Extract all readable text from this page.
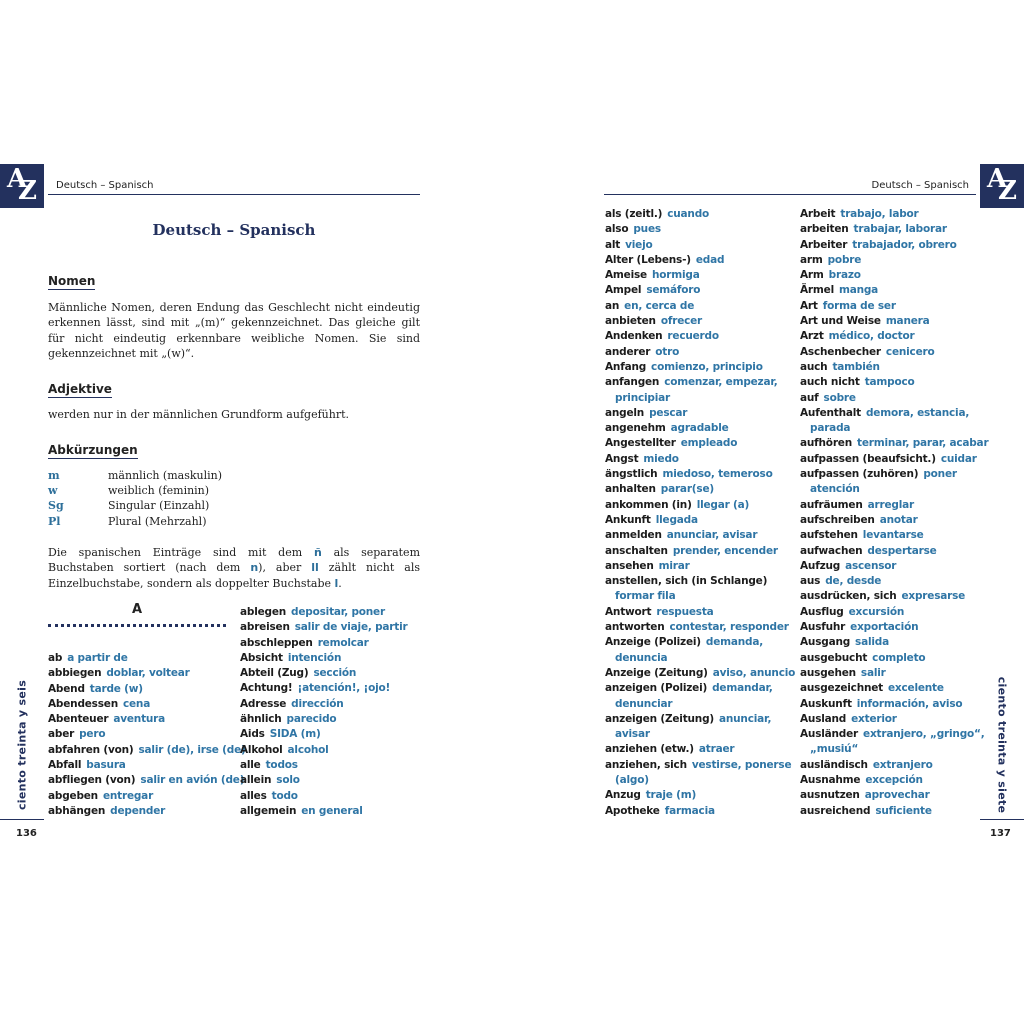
A
Z Deutsch – Spanisch
Deutsch – Spanisch
Nomen
Männliche Nomen, deren Endung das Geschlecht nicht eindeutig erkennen lässt, sind mit „(m)“ gekennzeichnet. Das gleiche gilt für nicht eindeutig erkennbare weibliche Nomen. Sie sind gekennzeichnet mit „(w)“.
Adjektive
werden nur in der männlichen Grundform aufgeführt.
Abkürzungen
m	männlich (maskulin)
w	weiblich (feminin)
Sg	Singular (Einzahl)
Pl	Plural (Mehrzahl)
Die spanischen Einträge sind mit dem ñ als separatem Buchstaben sortiert (nach dem n), aber ll zählt nicht als Einzelbuchstabe, sondern als doppelter Buchstabe l.
A
ab a partir de
abbiegen doblar, voltear
Abend tarde (w)
Abendessen cena
Abenteuer aventura
aber pero
abfahren (von) salir (de), irse (de)
Abfall basura
abfliegen (von) salir en avión (de)
abgeben entregar
abhängen depender
ablegen depositar, poner
abreisen salir de viaje, partir
abschleppen remolcar
Absicht intención
Abteil (Zug) sección
Achtung! ¡atención!, ¡ojo!
Adresse dirección
ähnlich parecido
Aids SIDA (m)
Alkohol alcohol
alle todos
allein solo
alles todo
allgemein en general
ciento treinta y seis
136
A
Z
Deutsch – Spanisch
als (zeitl.) cuando
also pues
alt viejo
Alter (Lebens-) edad
Ameise hormiga
Ampel semáforo
an en, cerca de
anbieten ofrecer
Andenken recuerdo
anderer otro
Anfang comienzo, principio
anfangen comenzar, empezar,
principiar
angeln pescar
angenehm agradable
Angestellter empleado
Angst miedo
ängstlich miedoso, temeroso
anhalten parar(se)
ankommen (in) llegar (a)
Ankunft llegada
anmelden anunciar, avisar
anschalten prender, encender
ansehen mirar
anstellen, sich (in Schlange)
formar fila
Antwort respuesta
antworten contestar, responder
Anzeige (Polizei) demanda,
denuncia
Anzeige (Zeitung) aviso, anuncio
anzeigen (Polizei) demandar,
denunciar
anzeigen (Zeitung) anunciar,
avisar
anziehen (etw.) atraer
anziehen, sich vestirse, ponerse
(algo)
Anzug traje (m)
Apotheke farmacia
Arbeit trabajo, labor
arbeiten trabajar, laborar
Arbeiter trabajador, obrero
arm pobre
Arm brazo
Ärmel manga
Art forma de ser
Art und Weise manera
Arzt médico, doctor
Aschenbecher cenicero
auch también
auch nicht tampoco
auf sobre
Aufenthalt demora, estancia,
parada
aufhören terminar, parar, acabar
aufpassen (beaufsicht.) cuidar
aufpassen (zuhören) poner
atención
aufräumen arreglar
aufschreiben anotar
aufstehen levantarse
aufwachen despertarse
Aufzug ascensor
aus de, desde
ausdrücken, sich expresarse
Ausflug excursión
Ausfuhr exportación
Ausgang salida
ausgebucht completo
ausgehen salir
ausgezeichnet excelente
Auskunft información, aviso
Ausland exterior
Ausländer extranjero, „gringo“,
„musiú“
ausländisch extranjero
Ausnahme excepción
ausnutzen aprovechar
ausreichend suficiente	ciento treinta y siete
137
